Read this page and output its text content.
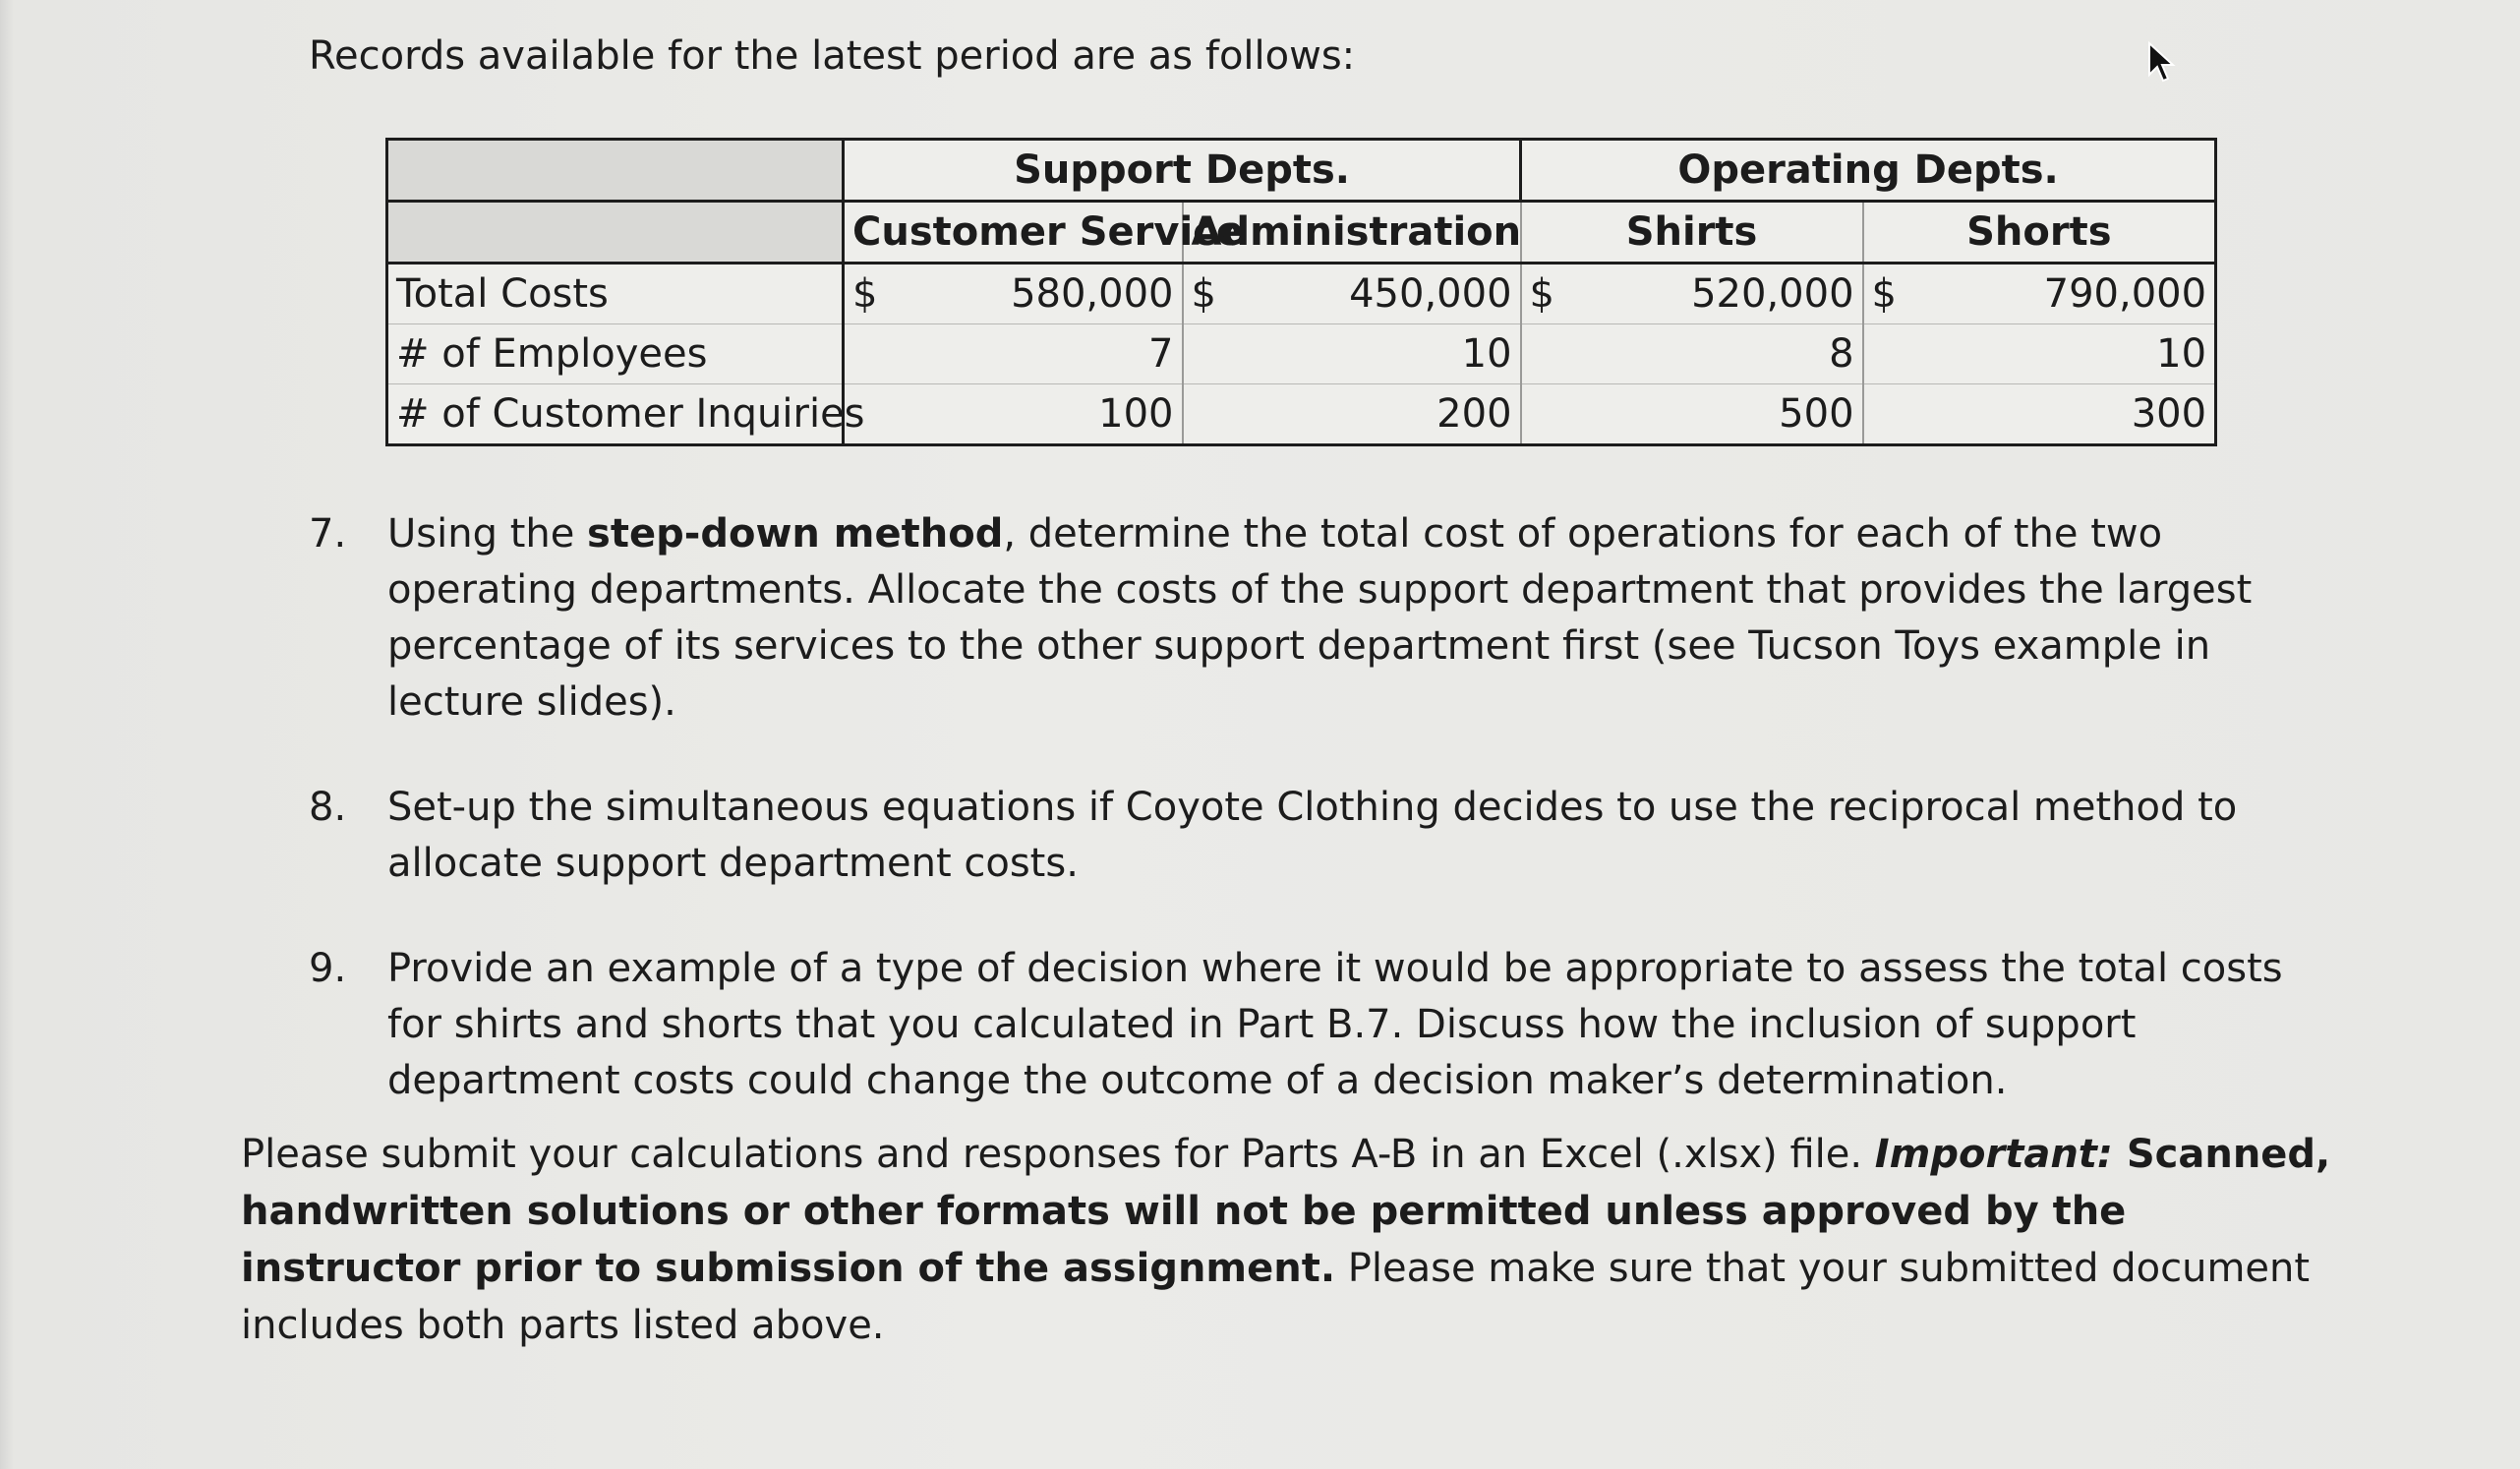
Records available for the latest period are as follows:

	Support Depts.				Operating Depts.			
	Customer Service		Administration		Shirts		Shorts	
Total Costs	$	580,000	$	450,000	$	520,000	$	790,000
# of Employees	7		10		8		10	
# of Customer Inquiries	100		200		500		300	
7.	Using the step-down method, determine the total cost of operations for each of the two operating departments. Allocate the costs of the support department that provides the largest percentage of its services to the other support department first (see Tucson Toys example in lecture slides).
8.	Set-up the simultaneous equations if Coyote Clothing decides to use the reciprocal method to allocate support department costs.
9.	Provide an example of a type of decision where it would be appropriate to assess the total costs for shirts and shorts that you calculated in Part B.7. Discuss how the inclusion of support department costs could change the outcome of a decision maker’s determination.

Please submit your calculations and responses for Parts A-B in an Excel (.xlsx) file. Important: Scanned, handwritten solutions or other formats will not be permitted unless approved by the instructor prior to submission of the assignment. Please make sure that your submitted document includes both parts listed above.
